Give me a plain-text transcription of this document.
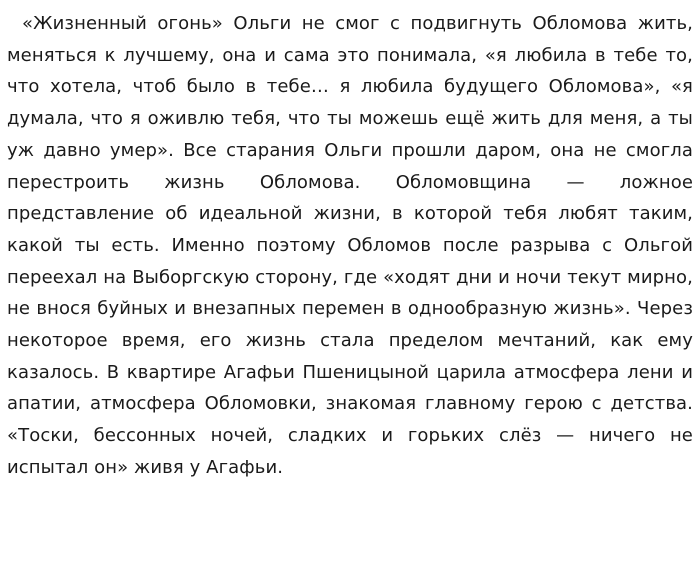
«Жизненный огонь» Ольги не смог с подвигнуть Обломова жить, меняться к лучшему, она и сама это понимала, «я любила в тебе то, что хотела, чтоб было в тебе… я любила будущего Обломова», «я думала, что я оживлю тебя, что ты можешь ещё жить для меня, а ты уж давно умер». Все старания Ольги прошли даром, она не смогла перестроить жизнь Обломова. Обломовщина — ложное представление об идеальной жизни, в которой тебя любят таким, какой ты есть. Именно поэтому Обломов после разрыва с Ольгой переехал на Выборгскую сторону, где «ходят дни и ночи текут мирно, не внося буйных и внезапных перемен в однообразную жизнь». Через некоторое время, его жизнь стала пределом мечтаний, как ему казалось. В квартире Агафьи Пшеницыной царила атмосфера лени и апатии, атмосфера Обломовки, знакомая главному герою с детства. «Тоски, бессонных ночей, сладких и горьких слёз — ничего не испытал он» живя у Агафьи.
